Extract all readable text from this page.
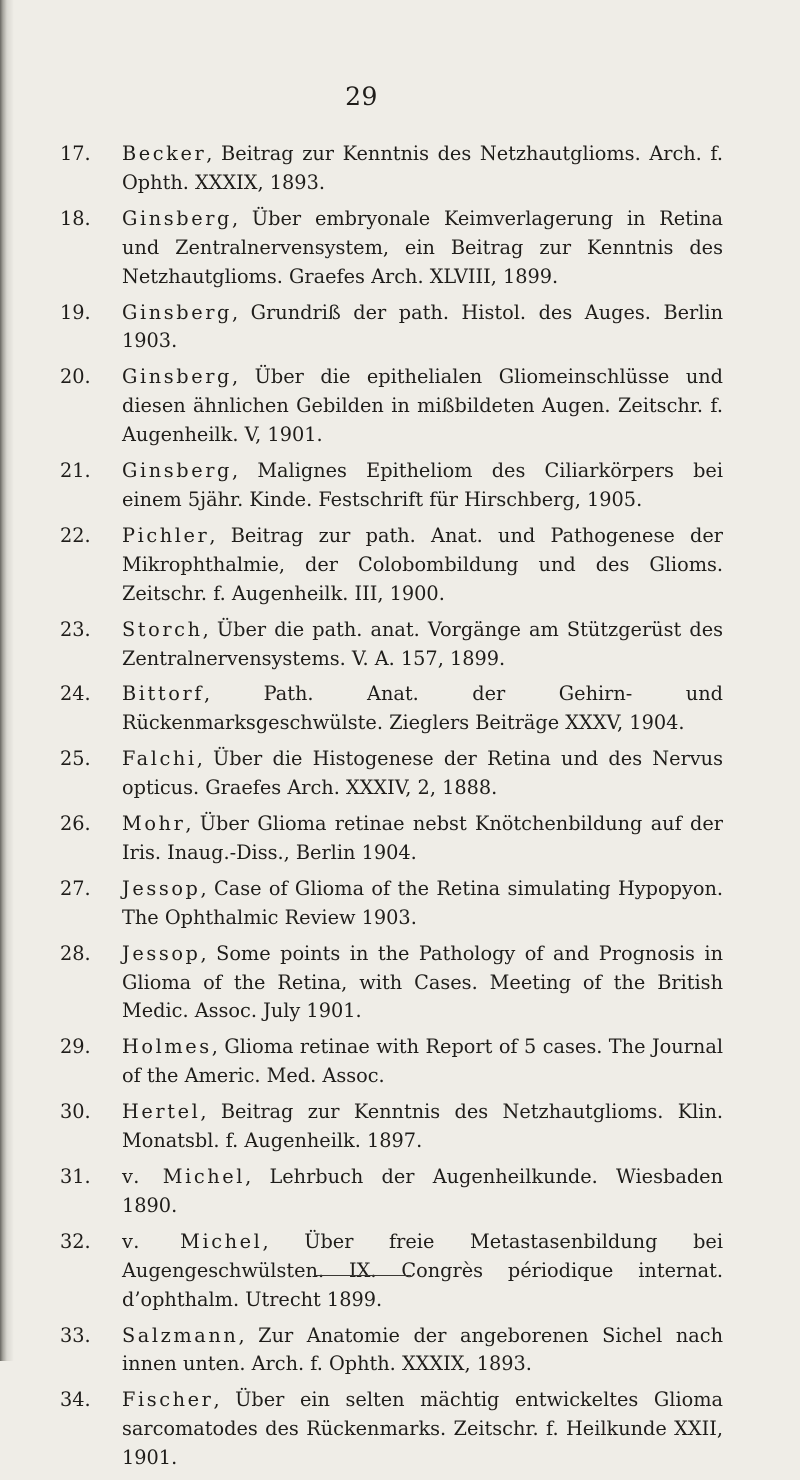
29
17. Becker, Beitrag zur Kenntnis des Netzhautglioms. Arch. f. Ophth. XXXIX, 1893.
18. Ginsberg, Über embryonale Keimverlagerung in Retina und Zentralnervensystem, ein Beitrag zur Kenntnis des Netzhautglioms. Graefes Arch. XLVIII, 1899.
19. Ginsberg, Grundriß der path. Histol. des Auges. Berlin 1903.
20. Ginsberg, Über die epithelialen Gliomeinschlüsse und diesen ähnlichen Gebilden in mißbildeten Augen. Zeitschr. f. Augenheilk. V, 1901.
21. Ginsberg, Malignes Epitheliom des Ciliarkörpers bei einem 5jähr. Kinde. Festschrift für Hirschberg, 1905.
22. Pichler, Beitrag zur path. Anat. und Pathogenese der Mikrophthalmie, der Colobombildung und des Glioms. Zeitschr. f. Augenheilk. III, 1900.
23. Storch, Über die path. anat. Vorgänge am Stützgerüst des Zentralnervensystems. V. A. 157, 1899.
24. Bittorf, Path. Anat. der Gehirn- und Rückenmarksgeschwülste. Zieglers Beiträge XXXV, 1904.
25. Falchi, Über die Histogenese der Retina und des Nervus opticus. Graefes Arch. XXXIV, 2, 1888.
26. Mohr, Über Glioma retinae nebst Knötchenbildung auf der Iris. Inaug.-Diss., Berlin 1904.
27. Jessop, Case of Glioma of the Retina simulating Hypopyon. The Ophthalmic Review 1903.
28. Jessop, Some points in the Pathology of and Prognosis in Glioma of the Retina, with Cases. Meeting of the British Medic. Assoc. July 1901.
29. Holmes, Glioma retinae with Report of 5 cases. The Journal of the Americ. Med. Assoc.
30. Hertel, Beitrag zur Kenntnis des Netzhautglioms. Klin. Monatsbl. f. Augenheilk. 1897.
31. v. Michel, Lehrbuch der Augenheilkunde. Wiesbaden 1890.
32. v. Michel, Über freie Metastasenbildung bei Augengeschwülsten. IX. Congrès périodique internat. d’ophthalm. Utrecht 1899.
33. Salzmann, Zur Anatomie der angeborenen Sichel nach innen unten. Arch. f. Ophth. XXXIX, 1893.
34. Fischer, Über ein selten mächtig entwickeltes Glioma sarcomatodes des Rückenmarks. Zeitschr. f. Heilkunde XXII, 1901.
